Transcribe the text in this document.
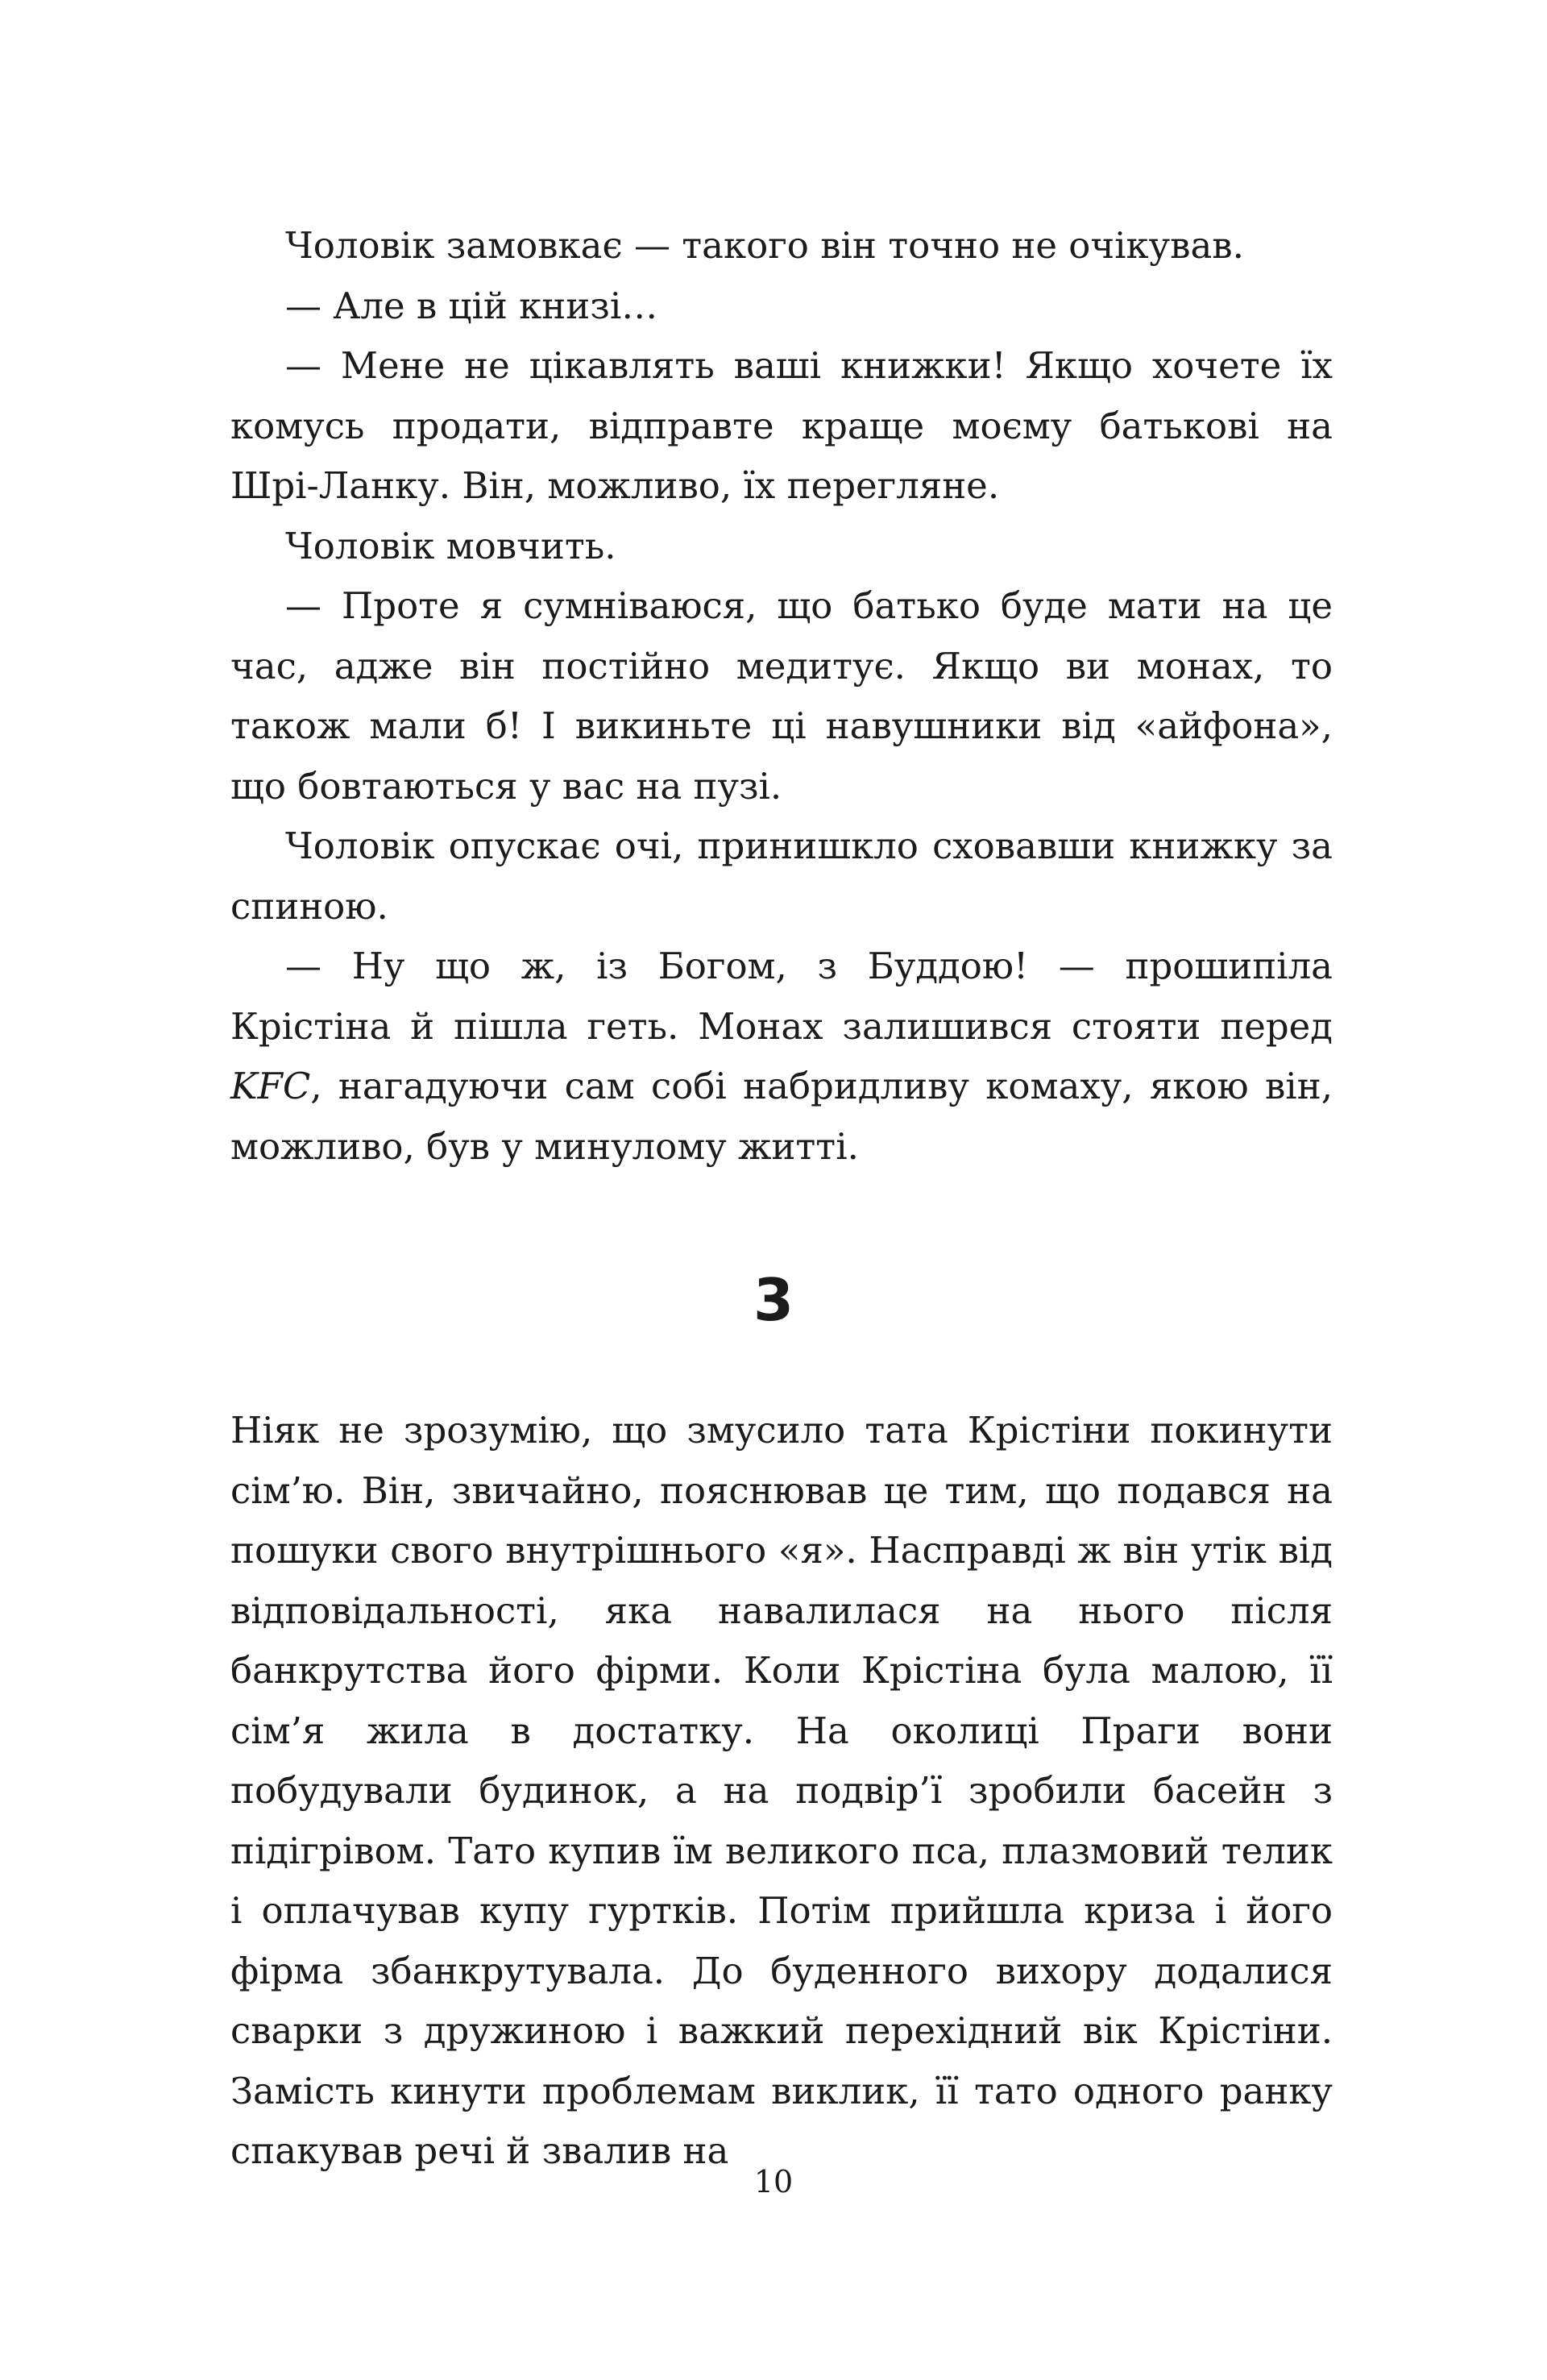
Чоловік замовкає — такого він точно не очікував.

— Але в цій книзі…

— Мене не цікавлять ваші книжки! Якщо хочете їх комусь продати, відправте краще моєму батькові на Шрі-Ланку. Він, можливо, їх перегляне.

Чоловік мовчить.

— Проте я сумніваюся, що батько буде мати на це час, адже він постійно медитує. Якщо ви монах, то також мали б! І викиньте ці навушники від «айфона», що бовтаються у вас на пузі.

Чоловік опускає очі, принишкло сховавши книжку за спиною.

— Ну що ж, із Богом, з Буддою! — прошипіла Крістіна й пішла геть. Монах залишився стояти перед KFC, нагадуючи сам собі набридливу комаху, якою він, можливо, був у минулому житті.

3

Ніяк не зрозумію, що змусило тата Крістіни покинути сім’ю. Він, звичайно, пояснював це тим, що подався на пошуки свого внутрішнього «я». Насправді ж він утік від відповідальності, яка навалилася на нього після банкрутства його фірми. Коли Крістіна була малою, її сім’я жила в достатку. На околиці Праги вони побудували будинок, а на подвір’ї зробили басейн з підігрівом. Тато купив їм великого пса, плазмовий телик і оплачував купу гуртків. Потім прийшла криза і його фірма збанкрутувала. До буденного вихору додалися сварки з дружиною і важкий перехідний вік Крістіни. Замість кинути проблемам виклик, її тато одного ранку спакував речі й звалив на

10
